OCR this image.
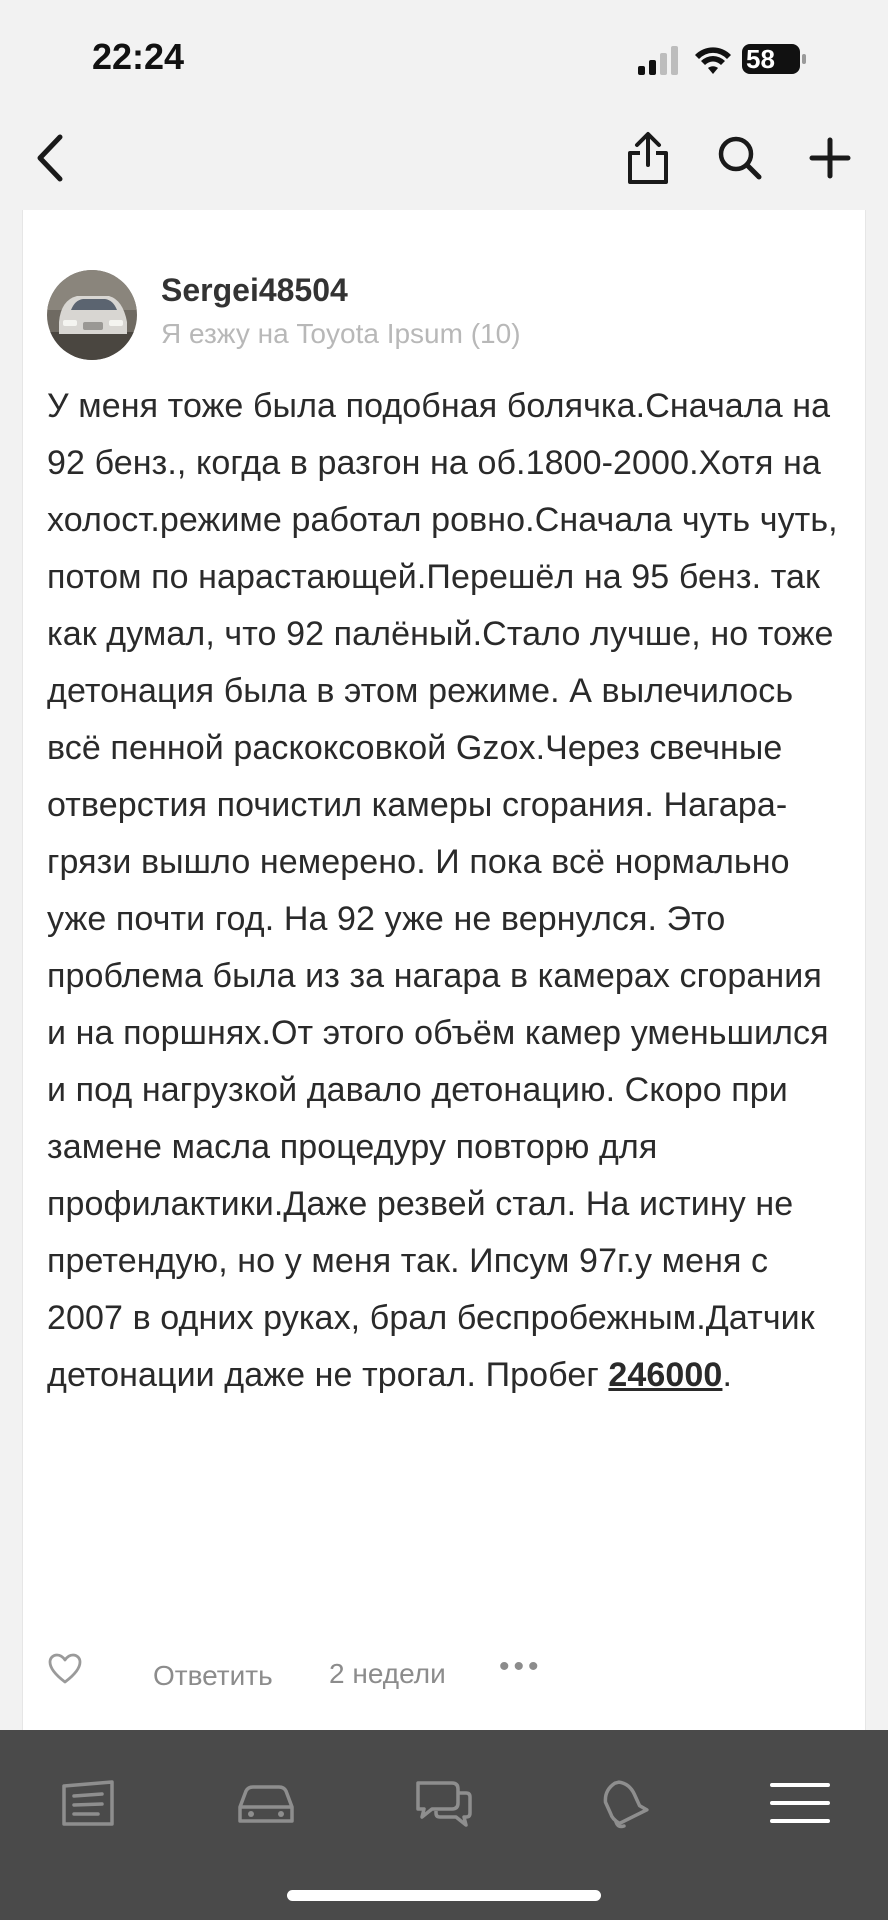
22:24	58
Sergei48504
Я езжу на Toyota Ipsum (10)
У меня тоже была подобная болячка.Сначала на 92 бенз., когда в разгон на об.1800-2000.Хотя на холост.режиме работал ровно.Сначала чуть чуть, потом по нарастающей.Перешёл на 95 бенз. так как думал, что 92 палёный.Стало лучше, но тоже детонация была в этом режиме. А вылечилось всё пенной раскоксовкой Gzox.Через свечные отверстия почистил камеры сгорания. Нагара-грязи вышло немерено. И пока всё нормально уже почти год. На 92 уже не вернулся. Это проблема была из за нагара в камерах сгорания и на поршнях.От этого объём камер уменьшился и под нагрузкой давало детонацию. Скоро при замене масла процедуру повторю для профилактики.Даже резвей стал. На истину не претендую, но у меня так. Ипсум 97г.у меня с 2007 в одних руках, брал беспробежным.Датчик детонации даже не трогал. Пробег 246000.
Ответить 2 недели •••
